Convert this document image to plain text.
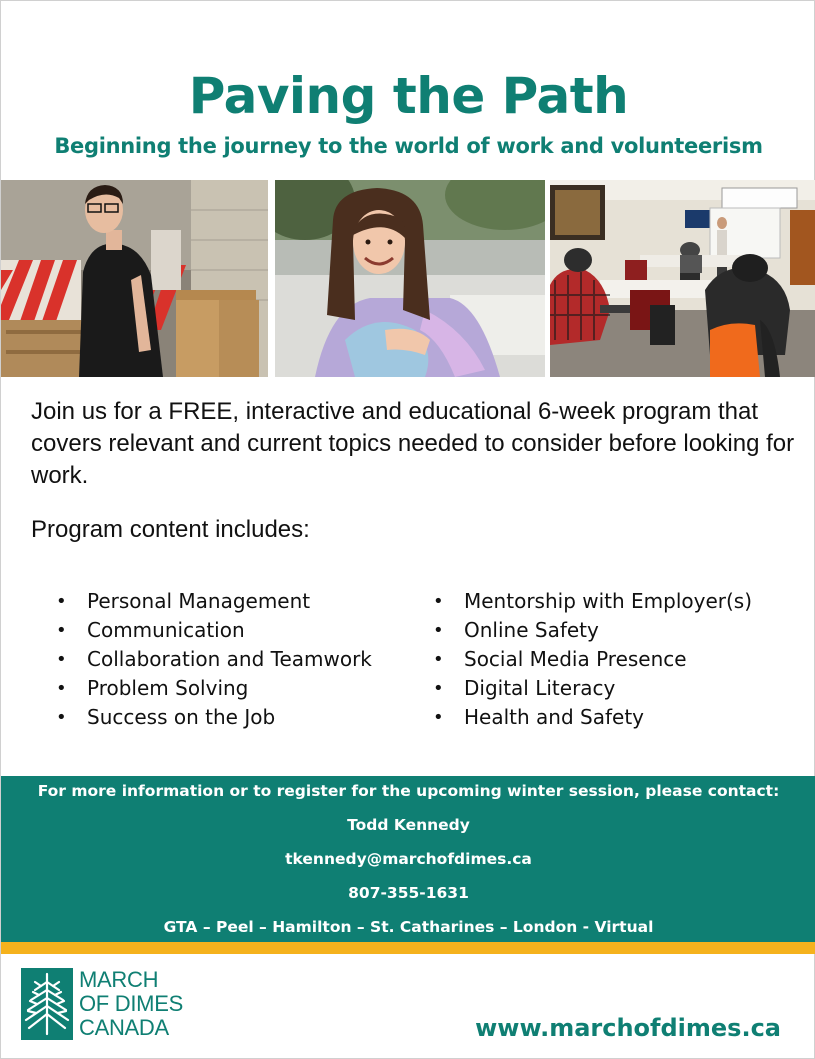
Paving the Path
Beginning the journey to the world of work and volunteerism
Join us for a FREE, interactive and educational 6-week program that covers relevant and current topics needed to consider before looking for work.
Program content includes:
• Personal Management
• Communication
• Collaboration and Teamwork
• Problem Solving
• Success on the Job
• Mentorship with Employer(s)
• Online Safety
• Social Media Presence
• Digital Literacy
• Health and Safety
For more information or to register for the upcoming winter session, please contact:
Todd Kennedy
tkennedy@marchofdimes.ca
807-355-1631
GTA – Peel – Hamilton – St. Catharines – London - Virtual
MARCH
OF DIMES
CANADA	www.marchofdimes.ca
